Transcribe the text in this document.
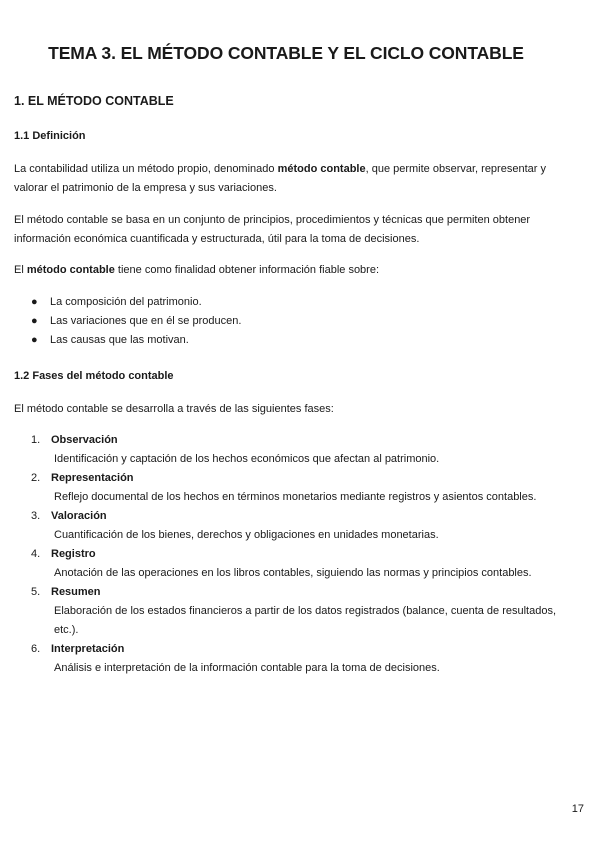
TEMA 3. EL MÉTODO CONTABLE Y EL CICLO CONTABLE
1. EL MÉTODO CONTABLE
1.1 Definición

La contabilidad utiliza un método propio, denominado método contable, que permite observar, representar y valorar el patrimonio de la empresa y sus variaciones.

El método contable se basa en un conjunto de principios, procedimientos y técnicas que permiten obtener información económica cuantificada y estructurada, útil para la toma de decisiones.

El método contable tiene como finalidad obtener información fiable sobre:

● La composición del patrimonio.
● Las variaciones que en él se producen.
● Las causas que las motivan.
1.2 Fases del método contable

El método contable se desarrolla a través de las siguientes fases:

1. Observación
Identificación y captación de los hechos económicos que afectan al patrimonio.
2. Representación
Reflejo documental de los hechos en términos monetarios mediante registros y asientos contables.
3. Valoración
Cuantificación de los bienes, derechos y obligaciones en unidades monetarias.
4. Registro
Anotación de las operaciones en los libros contables, siguiendo las normas y principios contables.
5. Resumen
Elaboración de los estados financieros a partir de los datos registrados (balance, cuenta de resultados, etc.).
6. Interpretación
Análisis e interpretación de la información contable para la toma de decisiones.
17
